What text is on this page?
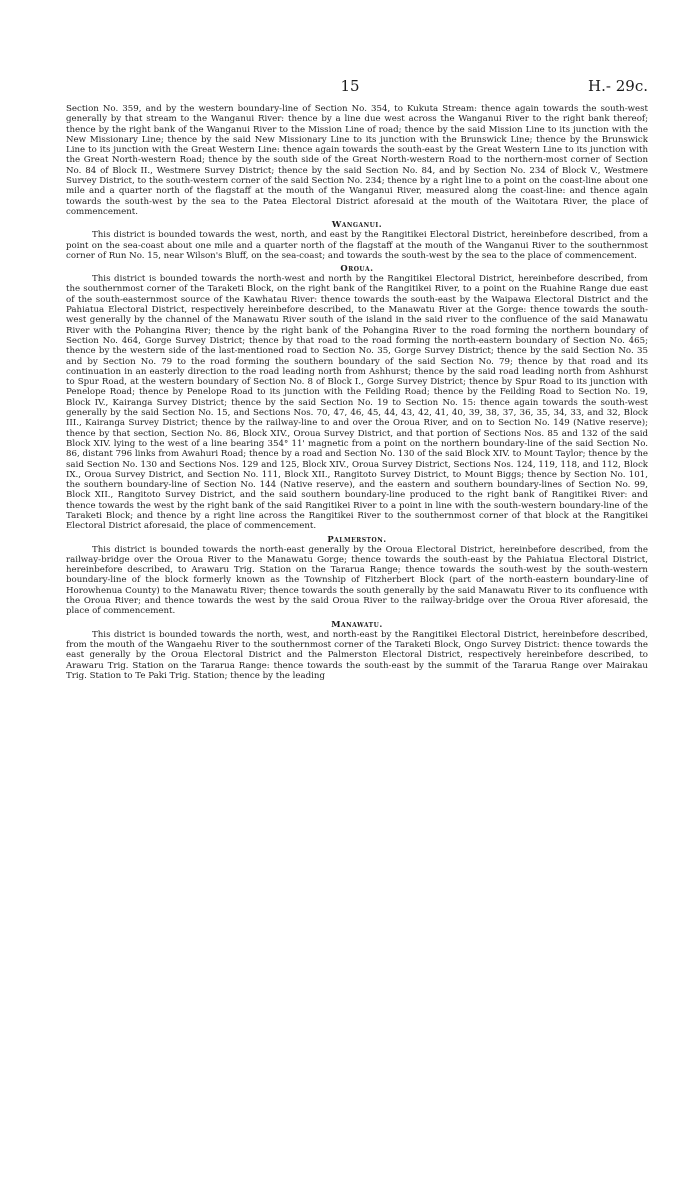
15	H.- 29c.

Section No. 359, and by the western boundary-line of Section No. 354, to Kukuta Stream: thence again towards the south-west generally by that stream to the Wanganui River: thence by a line due west across the Wanganui River to the right bank thereof; thence by the right bank of the Wanganui River to the Mission Line of road; thence by the said Mission Line to its junction with the New Missionary Line; thence by the said New Missionary Line to its junction with the Brunswick Line; thence by the Brunswick Line to its junction with the Great Western Line: thence again towards the south-east by the Great Western Line to its junction with the Great North-western Road; thence by the south side of the Great North-western Road to the northern-most corner of Section No. 84 of Block II., Westmere Survey District; thence by the said Section No. 84, and by Section No. 234 of Block V., Westmere Survey District, to the south-western corner of the said Section No. 234; thence by a right line to a point on the coast-line about one mile and a quarter north of the flagstaff at the mouth of the Wanganui River, measured along the coast-line: and thence again towards the south-west by the sea to the Patea Electoral District aforesaid at the mouth of the Waitotara River, the place of commencement.

Wanganui.

This district is bounded towards the west, north, and east by the Rangitikei Electoral District, hereinbefore described, from a point on the sea-coast about one mile and a quarter north of the flagstaff at the mouth of the Wanganui River to the southernmost corner of Run No. 15, near Wilson's Bluff, on the sea-coast; and towards the south-west by the sea to the place of commencement.

Oroua.

This district is bounded towards the north-west and north by the Rangitikei Electoral District, hereinbefore described, from the southernmost corner of the Taraketi Block, on the right bank of the Rangitikei River, to a point on the Ruahine Range due east of the south-easternmost source of the Kawhatau River: thence towards the south-east by the Waipawa Electoral District and the Pahiatua Electoral District, respectively hereinbefore described, to the Manawatu River at the Gorge: thence towards the south-west generally by the channel of the Manawatu River south of the island in the said river to the confluence of the said Manawatu River with the Pohangina River; thence by the right bank of the Pohangina River to the road forming the northern boundary of Section No. 464, Gorge Survey District; thence by that road to the road forming the north-eastern boundary of Section No. 465; thence by the western side of the last-mentioned road to Section No. 35, Gorge Survey District; thence by the said Section No. 35 and by Section No. 79 to the road forming the southern boundary of the said Section No. 79; thence by that road and its continuation in an easterly direction to the road leading north from Ashhurst; thence by the said road leading north from Ashhurst to Spur Road, at the western boundary of Section No. 8 of Block I., Gorge Survey District; thence by Spur Road to its junction with Penelope Road; thence by Penelope Road to its junction with the Feilding Road; thence by the Feilding Road to Section No. 19, Block IV., Kairanga Survey District; thence by the said Section No. 19 to Section No. 15: thence again towards the south-west generally by the said Section No. 15, and Sections Nos. 70, 47, 46, 45, 44, 43, 42, 41, 40, 39, 38, 37, 36, 35, 34, 33, and 32, Block III., Kairanga Survey District; thence by the railway-line to and over the Oroua River, and on to Section No. 149 (Native reserve); thence by that section, Section No. 86, Block XIV., Oroua Survey District, and that portion of Sections Nos. 85 and 132 of the said Block XIV. lying to the west of a line bearing 354° 11' magnetic from a point on the northern boundary-line of the said Section No. 86, distant 796 links from Awahuri Road; thence by a road and Section No. 130 of the said Block XIV. to Mount Taylor; thence by the said Section No. 130 and Sections Nos. 129 and 125, Block XIV., Oroua Survey District, Sections Nos. 124, 119, 118, and 112, Block IX., Oroua Survey District, and Section No. 111, Block XII., Rangitoto Survey District, to Mount Biggs; thence by Section No. 101, the southern boundary-line of Section No. 144 (Native reserve), and the eastern and southern boundary-lines of Section No. 99, Block XII., Rangitoto Survey District, and the said southern boundary-line produced to the right bank of Rangitikei River: and thence towards the west by the right bank of the said Rangitikei River to a point in line with the south-western boundary-line of the Taraketi Block; and thence by a right line across the Rangitikei River to the southernmost corner of that block at the Rangitikei Electoral District aforesaid, the place of commencement.

Palmerston.

This district is bounded towards the north-east generally by the Oroua Electoral District, hereinbefore described, from the railway-bridge over the Oroua River to the Manawatu Gorge; thence towards the south-east by the Pahiatua Electoral District, hereinbefore described, to Arawaru Trig. Station on the Tararua Range; thence towards the south-west by the south-western boundary-line of the block formerly known as the Township of Fitzherbert Block (part of the north-eastern boundary-line of Horowhenua County) to the Manawatu River; thence towards the south generally by the said Manawatu River to its confluence with the Oroua River; and thence towards the west by the said Oroua River to the railway-bridge over the Oroua River aforesaid, the place of commencement.

Manawatu.

This district is bounded towards the north, west, and north-east by the Rangitikei Electoral District, hereinbefore described, from the mouth of the Wangaehu River to the southernmost corner of the Taraketi Block, Ongo Survey District: thence towards the east generally by the Oroua Electoral District and the Palmerston Electoral District, respectively hereinbefore described, to Arawaru Trig. Station on the Tararua Range: thence towards the south-east by the summit of the Tararua Range over Mairakau Trig. Station to Te Paki Trig. Station; thence by the leading
